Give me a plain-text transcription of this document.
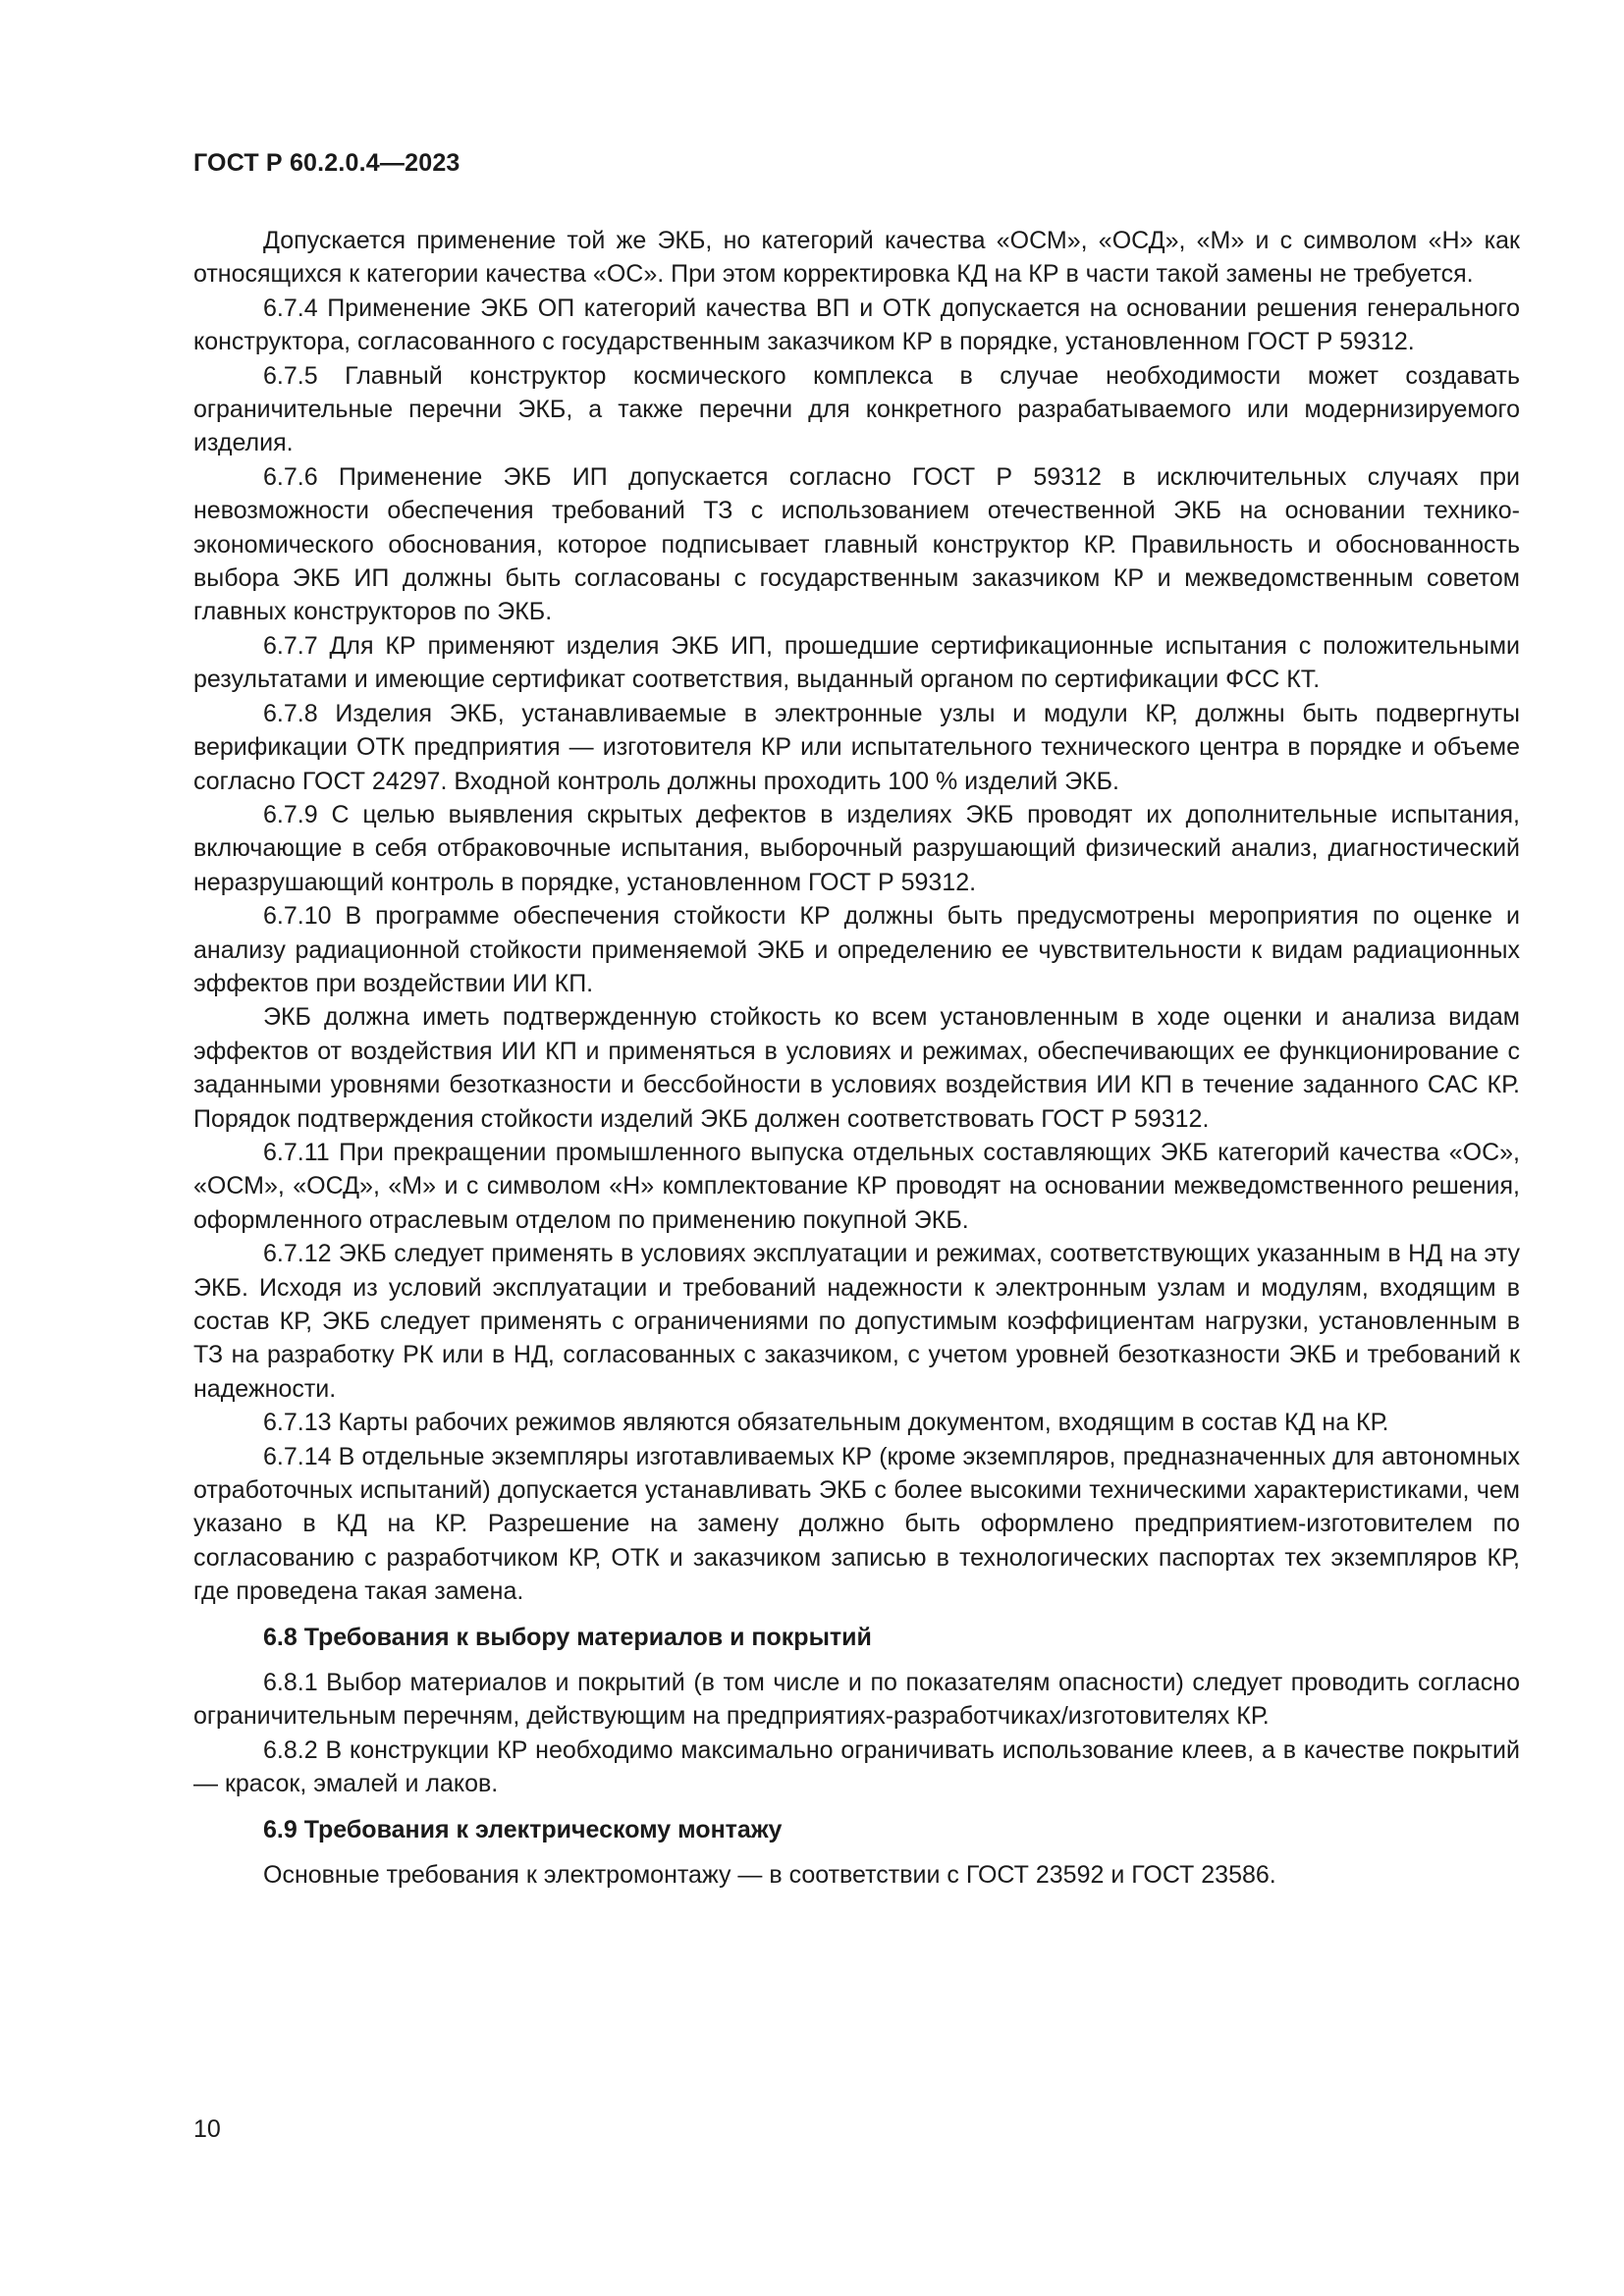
ГОСТ Р 60.2.0.4—2023

Допускается применение той же ЭКБ, но категорий качества «ОСМ», «ОСД», «М» и с символом «Н» как относящихся к категории качества «ОС». При этом корректировка КД на КР в части такой замены не требуется.

6.7.4 Применение ЭКБ ОП категорий качества ВП и ОТК допускается на основании решения генерального конструктора, согласованного с государственным заказчиком КР в порядке, установленном ГОСТ Р 59312.

6.7.5 Главный конструктор космического комплекса в случае необходимости может создавать ограничительные перечни ЭКБ, а также перечни для конкретного разрабатываемого или модернизируемого изделия.

6.7.6 Применение ЭКБ ИП допускается согласно ГОСТ Р 59312 в исключительных случаях при невозможности обеспечения требований ТЗ с использованием отечественной ЭКБ на основании технико-экономического обоснования, которое подписывает главный конструктор КР. Правильность и обоснованность выбора ЭКБ ИП должны быть согласованы с государственным заказчиком КР и межведомственным советом главных конструкторов по ЭКБ.

6.7.7 Для КР применяют изделия ЭКБ ИП, прошедшие сертификационные испытания с положительными результатами и имеющие сертификат соответствия, выданный органом по сертификации ФСС КТ.

6.7.8 Изделия ЭКБ, устанавливаемые в электронные узлы и модули КР, должны быть подвергнуты верификации ОТК предприятия — изготовителя КР или испытательного технического центра в порядке и объеме согласно ГОСТ 24297. Входной контроль должны проходить 100 % изделий ЭКБ.

6.7.9 С целью выявления скрытых дефектов в изделиях ЭКБ проводят их дополнительные испытания, включающие в себя отбраковочные испытания, выборочный разрушающий физический анализ, диагностический неразрушающий контроль в порядке, установленном ГОСТ Р 59312.

6.7.10 В программе обеспечения стойкости КР должны быть предусмотрены мероприятия по оценке и анализу радиационной стойкости применяемой ЭКБ и определению ее чувствительности к видам радиационных эффектов при воздействии ИИ КП.

ЭКБ должна иметь подтвержденную стойкость ко всем установленным в ходе оценки и анализа видам эффектов от воздействия ИИ КП и применяться в условиях и режимах, обеспечивающих ее функционирование с заданными уровнями безотказности и бессбойности в условиях воздействия ИИ КП в течение заданного САС КР. Порядок подтверждения стойкости изделий ЭКБ должен соответствовать ГОСТ Р 59312.

6.7.11 При прекращении промышленного выпуска отдельных составляющих ЭКБ категорий качества «ОС», «ОСМ», «ОСД», «М» и с символом «Н» комплектование КР проводят на основании межведомственного решения, оформленного отраслевым отделом по применению покупной ЭКБ.

6.7.12 ЭКБ следует применять в условиях эксплуатации и режимах, соответствующих указанным в НД на эту ЭКБ. Исходя из условий эксплуатации и требований надежности к электронным узлам и модулям, входящим в состав КР, ЭКБ следует применять с ограничениями по допустимым коэффициентам нагрузки, установленным в ТЗ на разработку РК или в НД, согласованных с заказчиком, с учетом уровней безотказности ЭКБ и требований к надежности.

6.7.13 Карты рабочих режимов являются обязательным документом, входящим в состав КД на КР.

6.7.14 В отдельные экземпляры изготавливаемых КР (кроме экземпляров, предназначенных для автономных отработочных испытаний) допускается устанавливать ЭКБ с более высокими техническими характеристиками, чем указано в КД на КР. Разрешение на замену должно быть оформлено предприятием-изготовителем по согласованию с разработчиком КР, ОТК и заказчиком записью в технологических паспортах тех экземпляров КР, где проведена такая замена.

6.8 Требования к выбору материалов и покрытий

6.8.1 Выбор материалов и покрытий (в том числе и по показателям опасности) следует проводить согласно ограничительным перечням, действующим на предприятиях-разработчиках/изготовителях КР.

6.8.2 В конструкции КР необходимо максимально ограничивать использование клеев, а в качестве покрытий — красок, эмалей и лаков.

6.9 Требования к электрическому монтажу

Основные требования к электромонтажу — в соответствии с ГОСТ 23592 и ГОСТ 23586.

10
